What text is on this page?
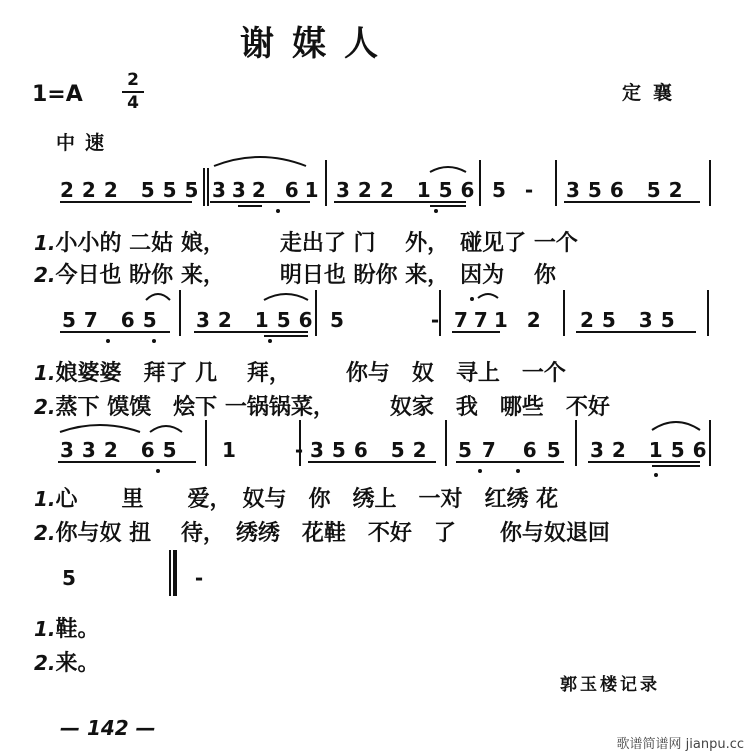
谢媒人
1=A
2
4	定襄
中速
222 555 332 61 322 156 5 - 356 52
1.小小的 二姑 娘，　　　走出了 门　 外，　碰见了 一个
2.今日也 盼你 来，　　　明日也 盼你 来，　因为　 你
57 65 32 156 5 -
771 2 25 35
1.娘婆婆　拜了 几　 拜，　　　你与　奴　寻上　一个
2.蒸下 馍馍　烩下 一锅锅菜，　　　奴家　我　哪些　不好
332 65 1 -
356 52 57 65 32 156
1.心　　里　　爱，　奴与　你　绣上　一对　红绣 花
2.你与奴 扭　 待，　绣绣　花鞋　不好　了　　你与奴退回
5 -
1.鞋。
2.来。
郭玉楼记录
— 142 —
歌谱简谱网 jianpu.cc
